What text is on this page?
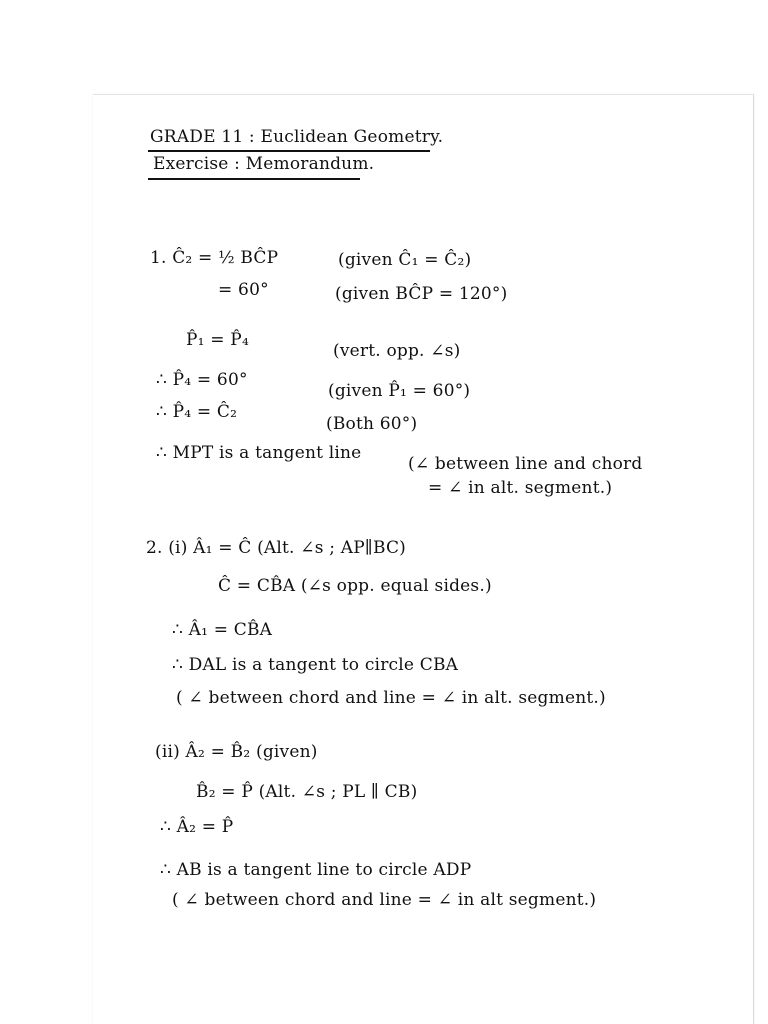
GRADE 11 : Euclidean Geometry.
Exercise : Memorandum.
1. Ĉ₂ = ½ BĈP	(given Ĉ₁ = Ĉ₂)
= 60°	(given BĈP = 120°)
P̂₁ = P̂₄
(vert. opp. ∠s)
∴ P̂₄ = 60°
(given P̂₁ = 60°)
∴ P̂₄ = Ĉ₂
(Both 60°)
∴ MPT is a tangent line
(∠ between line and chord
= ∠ in alt. segment.)
2. (i) Â₁ = Ĉ (Alt. ∠s ; AP∥BC)
Ĉ = CB̂A (∠s opp. equal sides.)
∴ Â₁ = CB̂A
∴ DAL is a tangent to circle CBA
( ∠ between chord and line = ∠ in alt. segment.)
(ii) Â₂ = B̂₂ (given)
B̂₂ = P̂ (Alt. ∠s ; PL ∥ CB)
∴ Â₂ = P̂
∴ AB is a tangent line to circle ADP
( ∠ between chord and line = ∠ in alt segment.)
